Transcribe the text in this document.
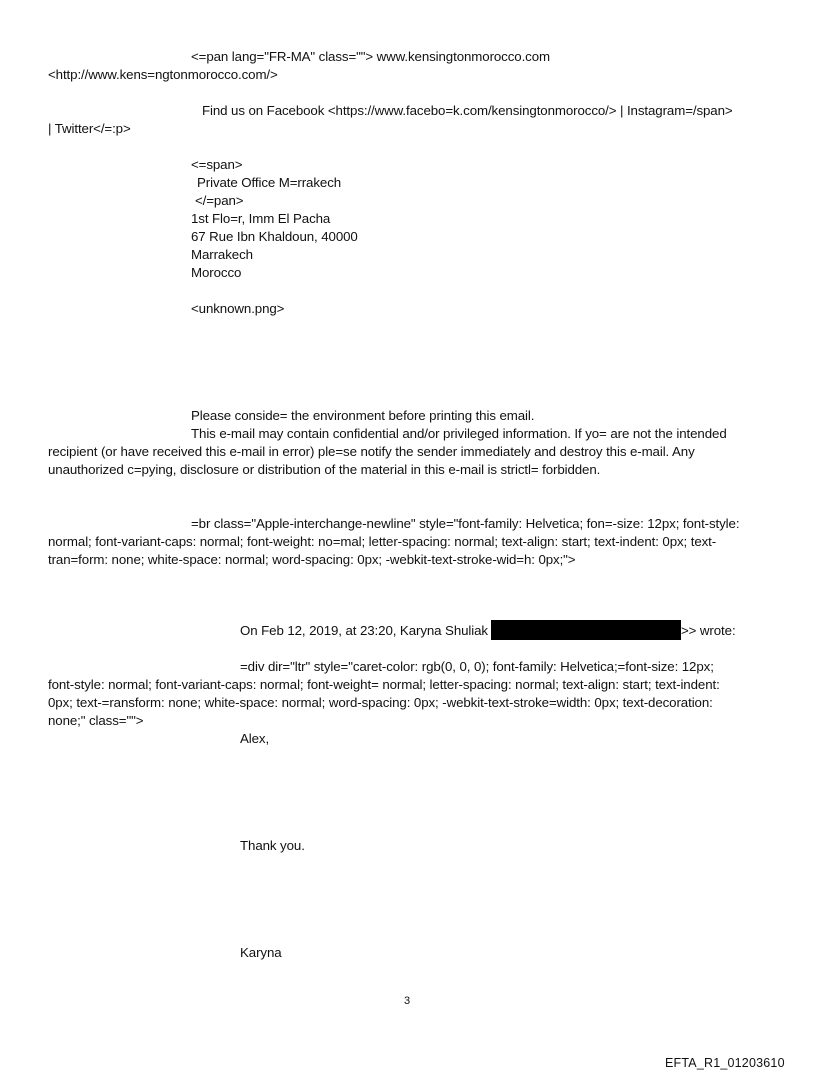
<=pan lang="FR-MA" class=""> www.kensingtonmorocco.com
<http://www.kens=ngtonmorocco.com/>
Find us on Facebook <https://www.facebo=k.com/kensingtonmorocco/> | Instagram=/span>
| Twitter</=:p>
<=span>
Private Office M=rrakech
</=pan>
1st Flo=r, Imm El Pacha
67 Rue Ibn Khaldoun, 40000
Marrakech
Morocco
<unknown.png>
Please conside= the environment before printing this email.
This e-mail may contain confidential and/or privileged information. If yo= are not the intended
recipient (or have received this e-mail in error) ple=se notify the sender immediately and destroy this e-mail. Any
unauthorized c=pying, disclosure or distribution of the material in this e-mail is strictl= forbidden.
=br class="Apple-interchange-newline" style="font-family: Helvetica; fon=-size: 12px; font-style:
normal; font-variant-caps: normal; font-weight: no=mal; letter-spacing: normal; text-align: start; text-indent: 0px; text-
tran=form: none; white-space: normal; word-spacing: 0px; -webkit-text-stroke-wid=h: 0px;">
On Feb 12, 2019, at 23:20, Karyna Shuliak	>> wrote:
=div dir="ltr" style="caret-color: rgb(0, 0, 0); font-family: Helvetica;=font-size: 12px;
font-style: normal; font-variant-caps: normal; font-weight= normal; letter-spacing: normal; text-align: start; text-indent:
0px; text-=ransform: none; white-space: normal; word-spacing: 0px; -webkit-text-stroke=width: 0px; text-decoration:
none;" class="">
Alex,
Thank you.
Karyna
3
EFTA_R1_01203610
